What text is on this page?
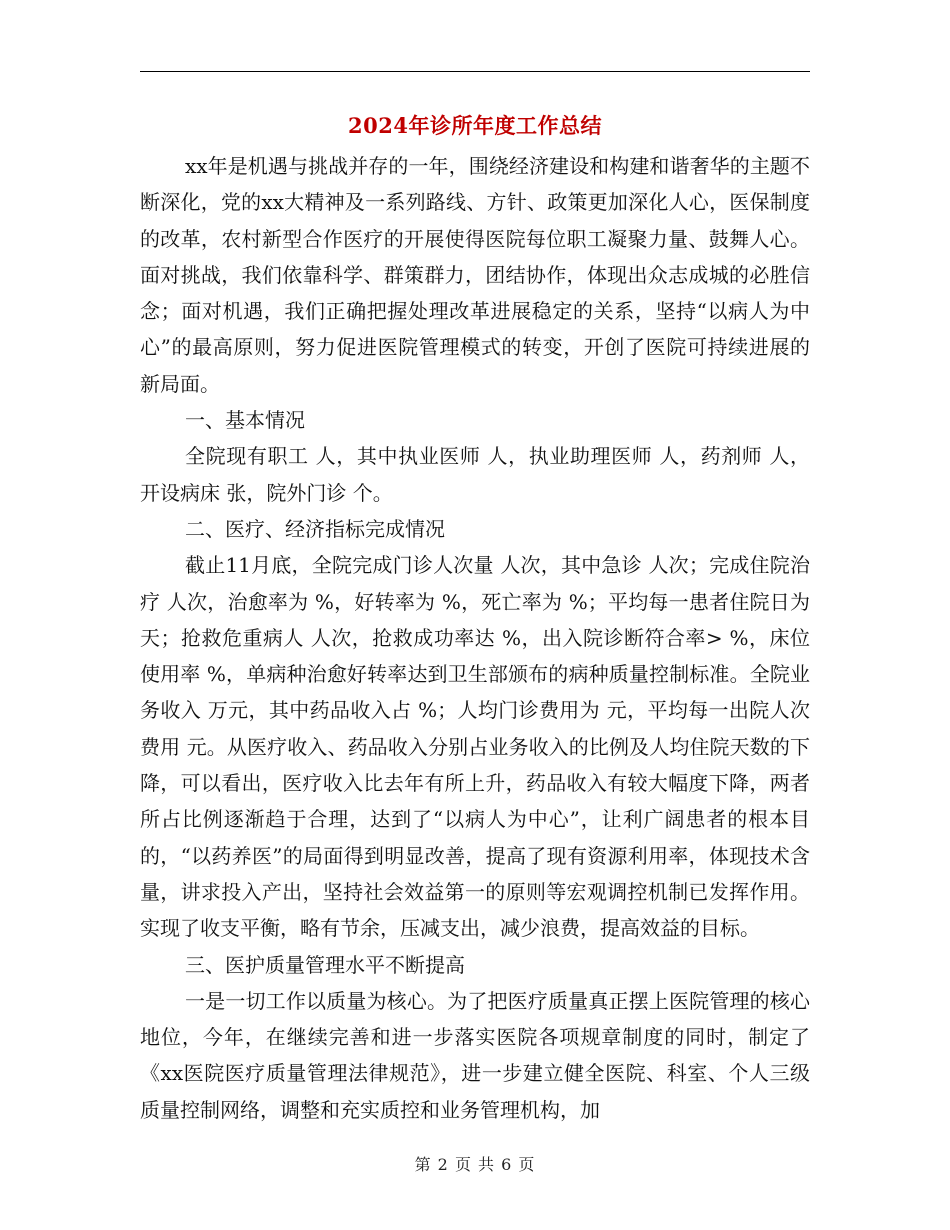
2024年诊所年度工作总结

xx年是机遇与挑战并存的一年，围绕经济建设和构建和谐奢华的主题不断深化，党的xx大精神及一系列路线、方针、政策更加深化人心，医保制度的改革，农村新型合作医疗的开展使得医院每位职工凝聚力量、鼓舞人心。面对挑战，我们依靠科学、群策群力，团结协作，体现出众志成城的必胜信念；面对机遇，我们正确把握处理改革进展稳定的关系，坚持“以病人为中心”的最高原则，努力促进医院管理模式的转变，开创了医院可持续进展的新局面。

一、基本情况

全院现有职工 人，其中执业医师 人，执业助理医师 人，药剂师 人，开设病床 张，院外门诊 个。

二、医疗、经济指标完成情况

截止11月底，全院完成门诊人次量 人次，其中急诊 人次；完成住院治疗 人次，治愈率为 %，好转率为 %，死亡率为 %；平均每一患者住院日为 天；抢救危重病人 人次，抢救成功率达 %，出入院诊断符合率> %，床位使用率 %，单病种治愈好转率达到卫生部颁布的病种质量控制标准。全院业务收入 万元，其中药品收入占 %；人均门诊费用为 元，平均每一出院人次费用 元。从医疗收入、药品收入分别占业务收入的比例及人均住院天数的下降，可以看出，医疗收入比去年有所上升，药品收入有较大幅度下降，两者所占比例逐渐趋于合理，达到了“以病人为中心”，让利广阔患者的根本目的，“以药养医”的局面得到明显改善，提高了现有资源利用率，体现技术含量，讲求投入产出，坚持社会效益第一的原则等宏观调控机制已发挥作用。实现了收支平衡，略有节余，压减支出，减少浪费，提高效益的目标。

三、医护质量管理水平不断提高

一是一切工作以质量为核心。为了把医疗质量真正摆上医院管理的核心地位，今年，在继续完善和进一步落实医院各项规章制度的同时，制定了《xx医院医疗质量管理法律规范》，进一步建立健全医院、科室、个人三级质量控制网络，调整和充实质控和业务管理机构，加

第 2 页 共 6 页
